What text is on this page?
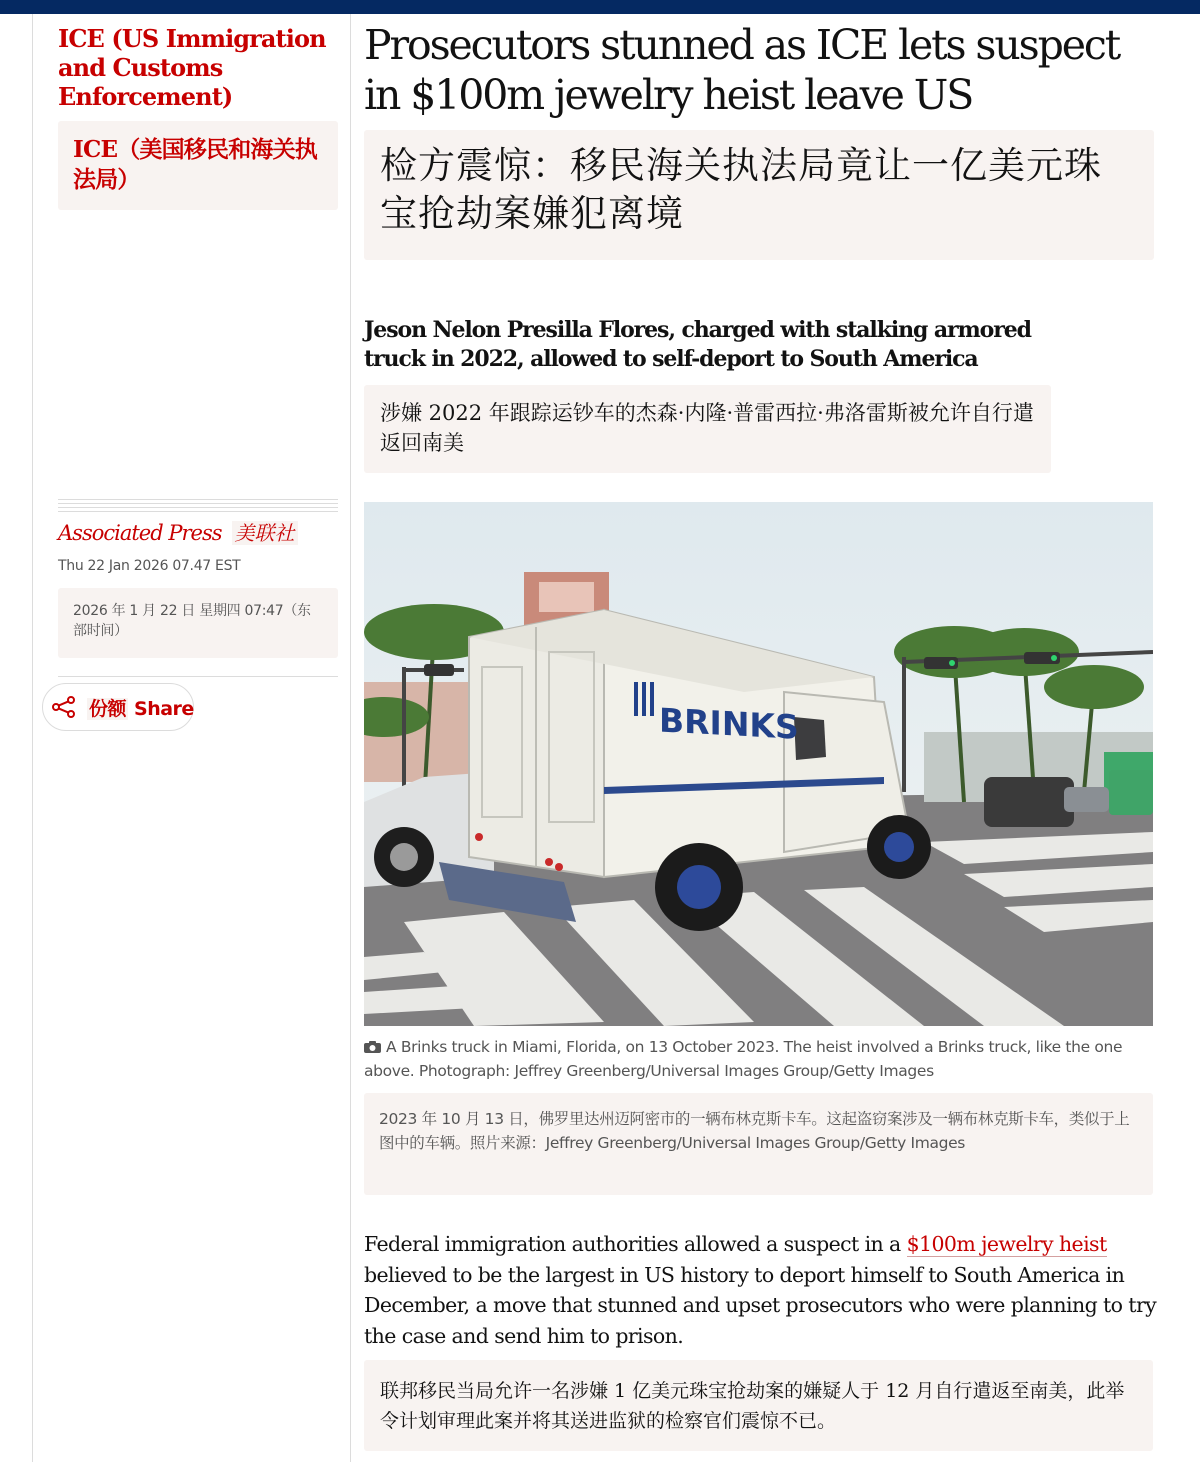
ICE (US Immigration and Customs Enforcement)
ICE（美国移民和海关执法局）
Associated Press 美联社
Thu 22 Jan 2026 07.47 EST
2026 年 1 月 22 日 星期四 07:47（东部时间）
份额 Share
Prosecutors stunned as ICE lets suspect in $100m jewelry heist leave US
检方震惊：移民海关执法局竟让一亿美元珠宝抢劫案嫌犯离境
Jeson Nelon Presilla Flores, charged with stalking armored truck in 2022, allowed to self-deport to South America
涉嫌 2022 年跟踪运钞车的杰森·内隆·普雷西拉·弗洛雷斯被允许自行遣返回南美
BRINKS
A Brinks truck in Miami, Florida, on 13 October 2023. The heist involved a Brinks truck, like the one above. Photograph: Jeffrey Greenberg/Universal Images Group/Getty Images
2023 年 10 月 13 日，佛罗里达州迈阿密市的一辆布林克斯卡车。这起盗窃案涉及一辆布林克斯卡车，类似于上图中的车辆。照片来源：Jeffrey Greenberg/Universal Images Group/Getty Images
Federal immigration authorities allowed a suspect in a $100m jewelry heist believed to be the largest in US history to deport himself to South America in December, a move that stunned and upset prosecutors who were planning to try the case and send him to prison.
联邦移民当局允许一名涉嫌 1 亿美元珠宝抢劫案的嫌疑人于 12 月自行遣返至南美，此举令计划审理此案并将其送进监狱的检察官们震惊不已。
